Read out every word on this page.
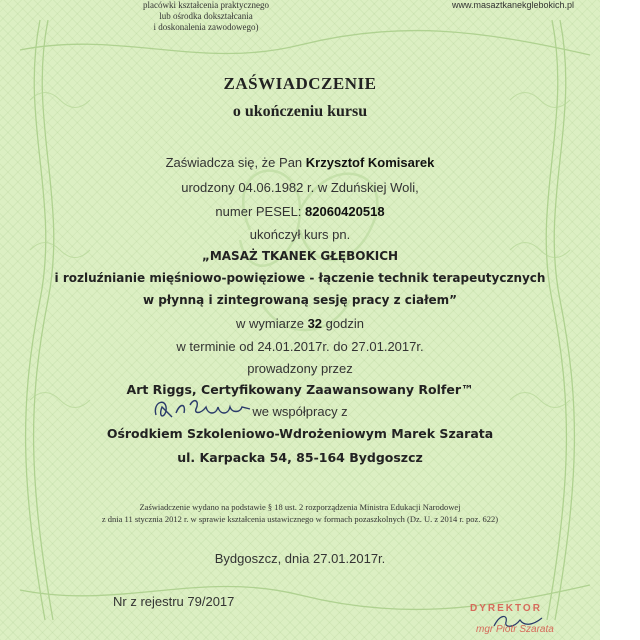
placówki kształcenia praktycznego
lub ośrodka dokształcania
i doskonalenia zawodowego)
www.masaztkanekglebokich.pl
ZAŚWIADCZENIE
o ukończeniu kursu
Zaświadcza się, że Pan Krzysztof Komisarek
urodzony 04.06.1982 r. w Zduńskiej Woli,
numer PESEL: 82060420518
ukończył kurs pn.
„MASAŻ TKANEK GŁĘBOKICH
i rozluźnianie mięśniowo-powięziowe - łączenie technik terapeutycznych
w płynną i zintegrowaną sesję pracy z ciałem”
w wymiarze 32 godzin
w terminie od 24.01.2017r. do 27.01.2017r.
prowadzony przez
Art Riggs, Certyfikowany Zaawansowany Rolfer™
we współpracy z
Ośrodkiem Szkoleniowo-Wdrożeniowym Marek Szarata
ul. Karpacka 54, 85-164 Bydgoszcz
Zaświadczenie wydano na podstawie § 18 ust. 2 rozporządzenia Ministra Edukacji Narodowej
z dnia 11 stycznia 2012 r. w sprawie kształcenia ustawicznego w formach pozaszkolnych (Dz. U. z 2014 r. poz. 622)
Bydgoszcz, dnia 27.01.2017r.
Nr z rejestru 79/2017	DYREKTOR
mgr Piotr Szarata
